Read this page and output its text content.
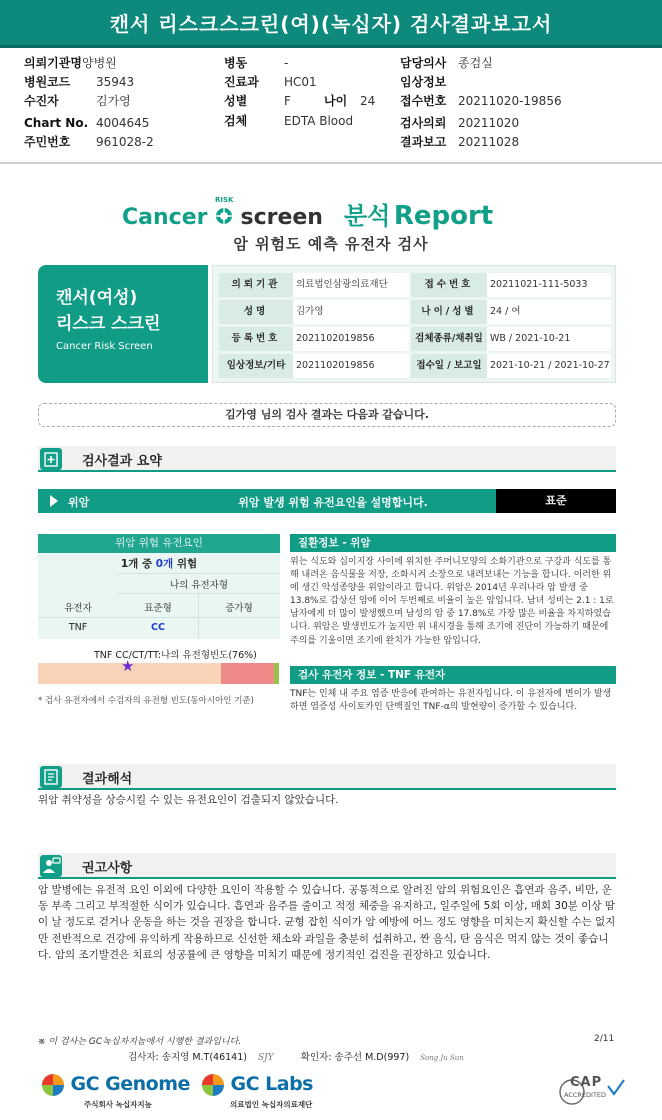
캔서 리스크스크린(여)(녹십자) 검사결과보고서
의뢰기관명양병원
병원코드 35943
수진자	김가영
Chart No. 4004645
주민번호 961028-2
병동	-
진료과 HC01
성별	F	나이 24
검체	EDTA Blood
담당의사 종검실
임상정보
접수번호 20211020-19856
검사의뢰 20211020
결과보고 20211028
Cancer
RISK
screen 분석 Report
암 위험도 예측 유전자 검사
캔서(여성)
리스크 스크린
Cancer Risk Screen
의뢰기관	의료법인삼광의료재단	접수번호	20211021-111-5033
성명	김가영	나이/성별	24 / 여
등록번호	2021102019856	검체종류/채취일 WB / 2021-10-21
임상정보/기타	2021102019856	접수일 / 보고일 2021-10-21 / 2021-10-27
김가영 님의 검사 결과는 다음과 같습니다.
검사결과 요약
위암	위암 발생 위험 유전요인을 설명합니다.	표준
위암 위험 유전요인
1개 중 0개 위험
나의 유전자형
유전자	표준형	증가형
TNF	CC
TNF CC/CT/TT:나의 유전형빈도(76%)
★
* 검사 유전자에서 수검자의 유전형 빈도(동아시아인 기준)
질환정보 - 위암
위는 식도와 십이지장 사이에 위치한 주머니모양의 소화기관으로 구강과 식도를 통해 내려온 음식물을 저장, 소화시켜 소장으로 내려보내는 기능을 합니다. 이러한 위에 생긴 악성종양을 위암이라고 합니다. 위암은 2014년 우리나라 암 발생 중 13.8%로 갑상선 암에 이어 두번째로 비율이 높은 암입니다. 남녀 성비는 2.1 : 1로 남자에게 더 많이 발생했으며 남성의 암 중 17.8%로 가장 많은 비율을 차지하였습니다. 위암은 발생빈도가 높지만 위 내시경을 통해 조기에 진단이 가능하기 때문에 주의를 기울이면 조기에 완치가 가능한 암입니다.
검사 유전자 정보 - TNF 유전자
TNF는 인체 내 주요 염증 반응에 관여하는 유전자입니다. 이 유전자에 변이가 발생하면 염증성 사이토카인 단백질인 TNF-α의 발현량이 증가할 수 있습니다.
결과해석
위암 취약성을 상승시킬 수 있는 유전요인이 검출되지 않았습니다.
권고사항
암 발병에는 유전적 요인 이외에 다양한 요인이 작용할 수 있습니다. 공통적으로 알려진 암의 위험요인은 흡연과 음주, 비만, 운동 부족 그리고 부적절한 식이가 있습니다. 흡연과 음주를 줄이고 적정 체중을 유지하고, 일주일에 5회 이상, 매회 30분 이상 땀이 날 정도로 걷거나 운동을 하는 것을 권장을 합니다. 균형 잡힌 식이가 암 예방에 어느 정도 영향을 미치는지 확신할 수는 없지만 전반적으로 건강에 유익하게 작용하므로 신선한 채소와 과일을 충분히 섭취하고, 짠 음식, 탄 음식은 먹지 않는 것이 좋습니다. 암의 조기발견은 치료의 성공률에 큰 영향을 미치기 때문에 정기적인 검진을 권장하고 있습니다.
※ 이 검사는 GC녹십자지놈에서 시행한 결과입니다.	2/11
검사자: 송지영 M.T(46141) SJY	확인자: 송주선 M.D(997) Song Ju Sun
GC Genome
주식회사 녹십자지놈
GC Labs
의료법인 녹십자의료재단
CAP
ACCREDITED
